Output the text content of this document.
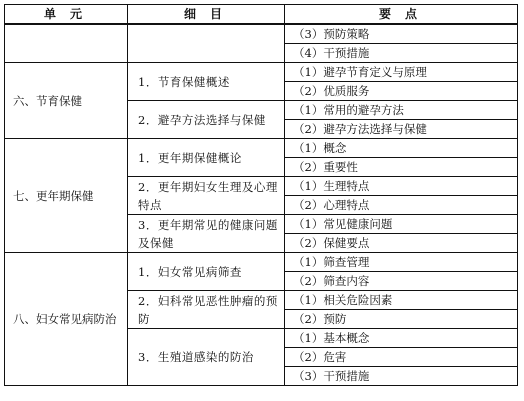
单元	细目	要点
		（3）预防策略
		（4）干预措施
六、节育保健	1．节育保健概述	（1）避孕节育定义与原理
		（2）优质服务
	2．避孕方法选择与保健	（1）常用的避孕方法
		（2）避孕方法选择与保健
七、更年期保健	1．更年期保健概论	（1）概念
		（2）重要性
	2．更年期妇女生理及心理特点	（1）生理特点
		（2）心理特点
	3．更年期常见的健康问题及保健	（1）常见健康问题
		（2）保健要点
八、妇女常见病防治	1．妇女常见病筛查	（1）筛查管理
		（2）筛查内容
	2．妇科常见恶性肿瘤的预防	（1）相关危险因素
		（2）预防
	3．生殖道感染的防治	（1）基本概念
		（2）危害
		（3）干预措施
